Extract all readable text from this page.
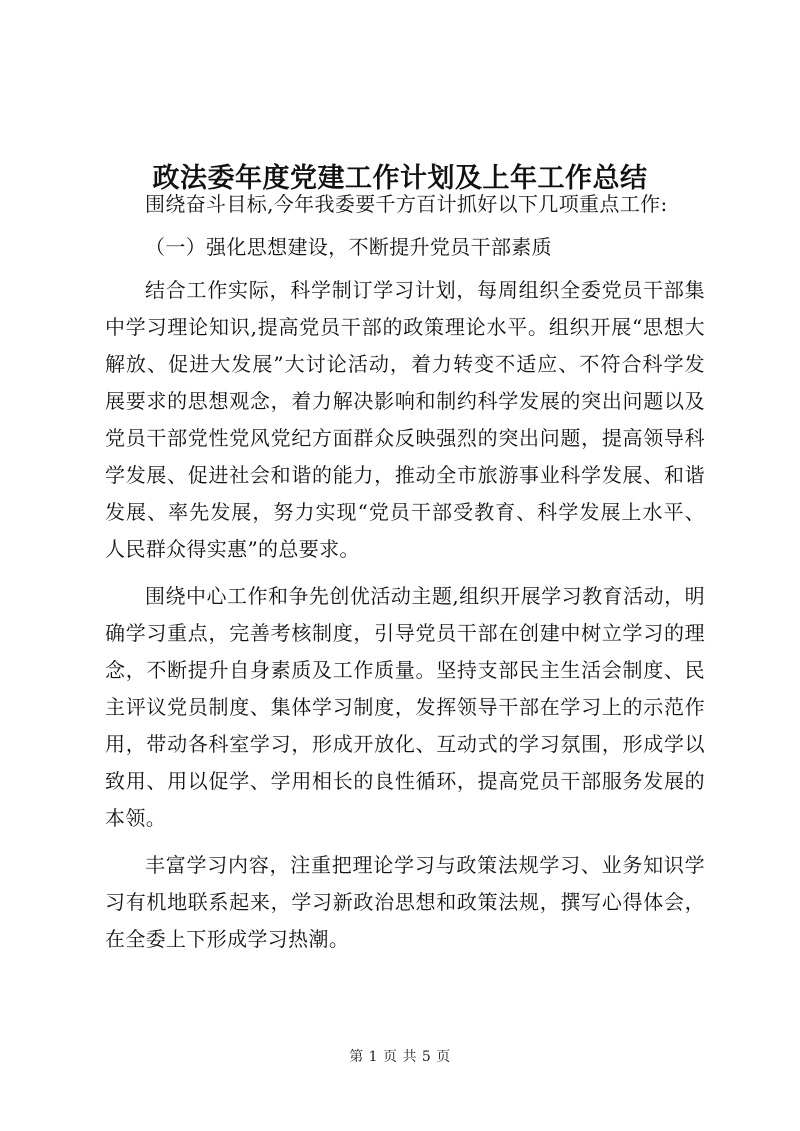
政法委年度党建工作计划及上年工作总结

围绕奋斗目标,今年我委要千方百计抓好以下几项重点工作:

（一）强化思想建设，不断提升党员干部素质

结合工作实际，科学制订学习计划，每周组织全委党员干部集中学习理论知识,提高党员干部的政策理论水平。组织开展“思想大解放、促进大发展”大讨论活动，着力转变不适应、不符合科学发展要求的思想观念，着力解决影响和制约科学发展的突出问题以及党员干部党性党风党纪方面群众反映强烈的突出问题，提高领导科学发展、促进社会和谐的能力，推动全市旅游事业科学发展、和谐发展、率先发展，努力实现“党员干部受教育、科学发展上水平、人民群众得实惠”的总要求。

围绕中心工作和争先创优活动主题,组织开展学习教育活动，明确学习重点，完善考核制度，引导党员干部在创建中树立学习的理念，不断提升自身素质及工作质量。坚持支部民主生活会制度、民主评议党员制度、集体学习制度，发挥领导干部在学习上的示范作用，带动各科室学习，形成开放化、互动式的学习氛围，形成学以致用、用以促学、学用相长的良性循环，提高党员干部服务发展的本领。

丰富学习内容，注重把理论学习与政策法规学习、业务知识学习有机地联系起来，学习新政治思想和政策法规，撰写心得体会，在全委上下形成学习热潮。

第 1 页 共 5 页
